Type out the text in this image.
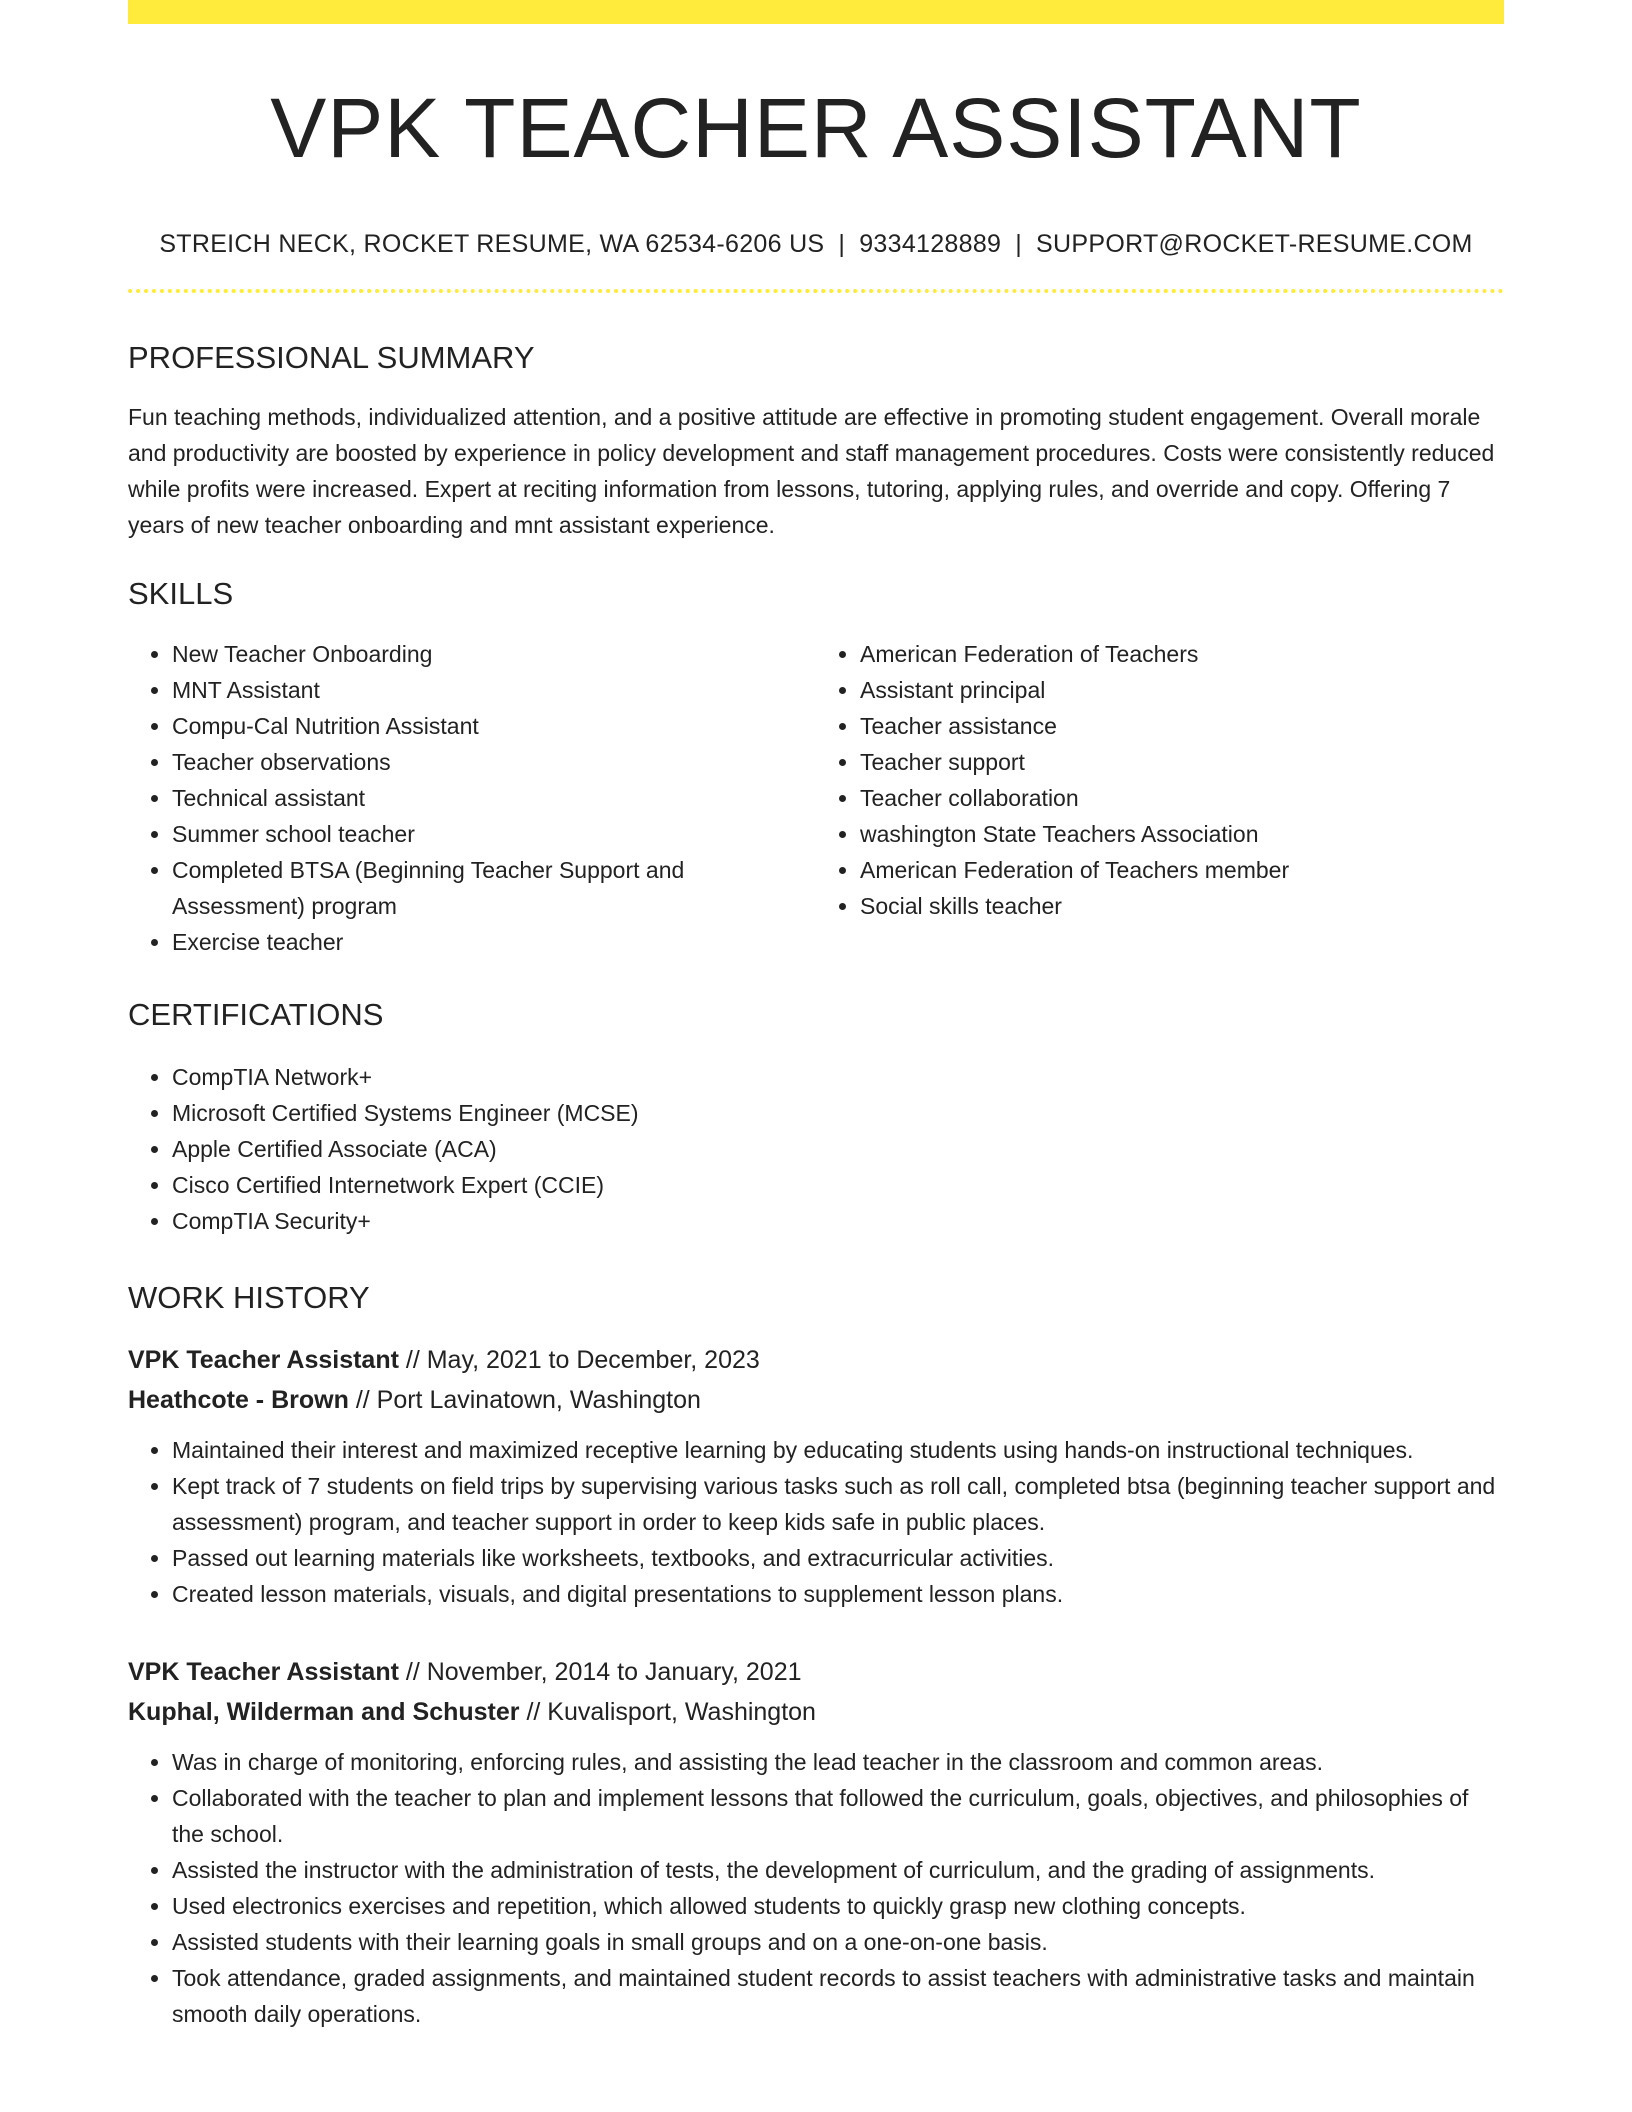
VPK TEACHER ASSISTANT
STREICH NECK, ROCKET RESUME, WA 62534-6206 US | 9334128889 | SUPPORT@ROCKET-RESUME.COM
PROFESSIONAL SUMMARY
Fun teaching methods, individualized attention, and a positive attitude are effective in promoting student engagement. Overall morale and productivity are boosted by experience in policy development and staff management procedures. Costs were consistently reduced while profits were increased. Expert at reciting information from lessons, tutoring, applying rules, and override and copy. Offering 7 years of new teacher onboarding and mnt assistant experience.
SKILLS
• New Teacher Onboarding
• MNT Assistant
• Compu-Cal Nutrition Assistant
• Teacher observations
• Technical assistant
• Summer school teacher
• Completed BTSA (Beginning Teacher Support and Assessment) program
• Exercise teacher
• American Federation of Teachers
• Assistant principal
• Teacher assistance
• Teacher support
• Teacher collaboration
• washington State Teachers Association
• American Federation of Teachers member
• Social skills teacher
CERTIFICATIONS
• CompTIA Network+
• Microsoft Certified Systems Engineer (MCSE)
• Apple Certified Associate (ACA)
• Cisco Certified Internetwork Expert (CCIE)
• CompTIA Security+
WORK HISTORY
VPK Teacher Assistant // May, 2021 to December, 2023
Heathcote - Brown // Port Lavinatown, Washington
• Maintained their interest and maximized receptive learning by educating students using hands-on instructional techniques.
• Kept track of 7 students on field trips by supervising various tasks such as roll call, completed btsa (beginning teacher support and assessment) program, and teacher support in order to keep kids safe in public places.
• Passed out learning materials like worksheets, textbooks, and extracurricular activities.
• Created lesson materials, visuals, and digital presentations to supplement lesson plans.
VPK Teacher Assistant // November, 2014 to January, 2021
Kuphal, Wilderman and Schuster // Kuvalisport, Washington
• Was in charge of monitoring, enforcing rules, and assisting the lead teacher in the classroom and common areas.
• Collaborated with the teacher to plan and implement lessons that followed the curriculum, goals, objectives, and philosophies of the school.
• Assisted the instructor with the administration of tests, the development of curriculum, and the grading of assignments.
• Used electronics exercises and repetition, which allowed students to quickly grasp new clothing concepts.
• Assisted students with their learning goals in small groups and on a one-on-one basis.
• Took attendance, graded assignments, and maintained student records to assist teachers with administrative tasks and maintain smooth daily operations.
